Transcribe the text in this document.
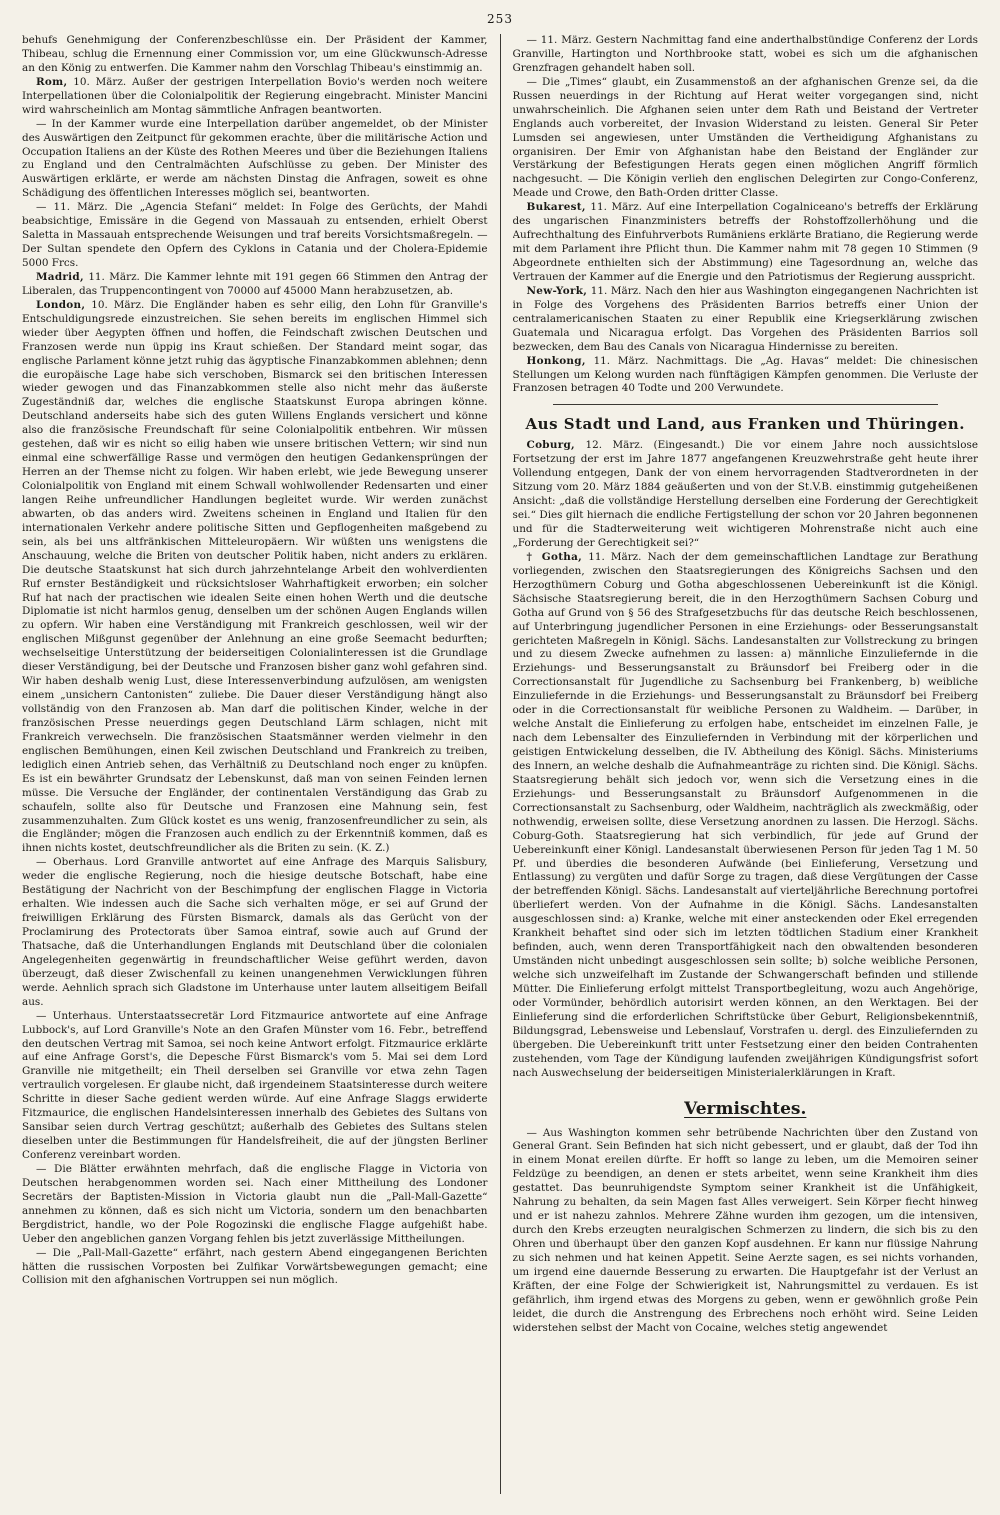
253

behufs Genehmigung der Conferenzbeschlüsse ein. Der Präsident der Kammer, Thibeau, schlug die Ernennung einer Commission vor, um eine Glückwunsch-Adresse an den König zu entwerfen. Die Kammer nahm den Vorschlag Thibeau's einstimmig an.

Rom, 10. März. Außer der gestrigen Interpellation Bovio's werden noch weitere Interpellationen über die Colonialpolitik der Regierung eingebracht. Minister Mancini wird wahrscheinlich am Montag sämmtliche Anfragen beantworten.

— In der Kammer wurde eine Interpellation darüber angemeldet, ob der Minister des Auswärtigen den Zeitpunct für gekommen erachte, über die militärische Action und Occupation Italiens an der Küste des Rothen Meeres und über die Beziehungen Italiens zu England und den Centralmächten Aufschlüsse zu geben. Der Minister des Auswärtigen erklärte, er werde am nächsten Dinstag die Anfragen, soweit es ohne Schädigung des öffentlichen Interesses möglich sei, beantworten.

— 11. März. Die „Agencia Stefani“ meldet: In Folge des Gerüchts, der Mahdi beabsichtige, Emissäre in die Gegend von Massauah zu entsenden, erhielt Oberst Saletta in Massauah entsprechende Weisungen und traf bereits Vorsichtsmaßregeln. — Der Sultan spendete den Opfern des Cyklons in Catania und der Cholera-Epidemie 5000 Frcs.

Madrid, 11. März. Die Kammer lehnte mit 191 gegen 66 Stimmen den Antrag der Liberalen, das Truppencontingent von 70000 auf 45000 Mann herabzusetzen, ab.

London, 10. März. Die Engländer haben es sehr eilig, den Lohn für Granville's Entschuldigungsrede einzustreichen. Sie sehen bereits im englischen Himmel sich wieder über Aegypten öffnen und hoffen, die Feindschaft zwischen Deutschen und Franzosen werde nun üppig ins Kraut schießen. Der Standard meint sogar, das englische Parlament könne jetzt ruhig das ägyptische Finanzabkommen ablehnen; denn die europäische Lage habe sich verschoben, Bismarck sei den britischen Interessen wieder gewogen und das Finanzabkommen stelle also nicht mehr das äußerste Zugeständniß dar, welches die englische Staatskunst Europa abringen könne. Deutschland anderseits habe sich des guten Willens Englands versichert und könne also die französische Freundschaft für seine Colonialpolitik entbehren. Wir müssen gestehen, daß wir es nicht so eilig haben wie unsere britischen Vettern; wir sind nun einmal eine schwerfällige Rasse und vermögen den heutigen Gedankensprüngen der Herren an der Themse nicht zu folgen. Wir haben erlebt, wie jede Bewegung unserer Colonialpolitik von England mit einem Schwall wohlwollender Redensarten und einer langen Reihe unfreundlicher Handlungen begleitet wurde. Wir werden zunächst abwarten, ob das anders wird. Zweitens scheinen in England und Italien für den internationalen Verkehr andere politische Sitten und Gepflogenheiten maßgebend zu sein, als bei uns altfränkischen Mitteleuropäern. Wir wüßten uns wenigstens die Anschauung, welche die Briten von deutscher Politik haben, nicht anders zu erklären. Die deutsche Staatskunst hat sich durch jahrzehntelange Arbeit den wohlverdienten Ruf ernster Beständigkeit und rücksichtsloser Wahrhaftigkeit erworben; ein solcher Ruf hat nach der practischen wie idealen Seite einen hohen Werth und die deutsche Diplomatie ist nicht harmlos genug, denselben um der schönen Augen Englands willen zu opfern. Wir haben eine Verständigung mit Frankreich geschlossen, weil wir der englischen Mißgunst gegenüber der Anlehnung an eine große Seemacht bedurften; wechselseitige Unterstützung der beiderseitigen Colonialinteressen ist die Grundlage dieser Verständigung, bei der Deutsche und Franzosen bisher ganz wohl gefahren sind. Wir haben deshalb wenig Lust, diese Interessenverbindung aufzulösen, am wenigsten einem „unsichern Cantonisten“ zuliebe. Die Dauer dieser Verständigung hängt also vollständig von den Franzosen ab. Man darf die politischen Kinder, welche in der französischen Presse neuerdings gegen Deutschland Lärm schlagen, nicht mit Frankreich verwechseln. Die französischen Staatsmänner werden vielmehr in den englischen Bemühungen, einen Keil zwischen Deutschland und Frankreich zu treiben, lediglich einen Antrieb sehen, das Verhältniß zu Deutschland noch enger zu knüpfen. Es ist ein bewährter Grundsatz der Lebenskunst, daß man von seinen Feinden lernen müsse. Die Versuche der Engländer, der continentalen Verständigung das Grab zu schaufeln, sollte also für Deutsche und Franzosen eine Mahnung sein, fest zusammenzuhalten. Zum Glück kostet es uns wenig, franzosenfreundlicher zu sein, als die Engländer; mögen die Franzosen auch endlich zu der Erkenntniß kommen, daß es ihnen nichts kostet, deutschfreundlicher als die Briten zu sein. (K. Z.)

— Oberhaus. Lord Granville antwortet auf eine Anfrage des Marquis Salisbury, weder die englische Regierung, noch die hiesige deutsche Botschaft, habe eine Bestätigung der Nachricht von der Beschimpfung der englischen Flagge in Victoria erhalten. Wie indessen auch die Sache sich verhalten möge, er sei auf Grund der freiwilligen Erklärung des Fürsten Bismarck, damals als das Gerücht von der Proclamirung des Protectorats über Samoa eintraf, sowie auch auf Grund der Thatsache, daß die Unterhandlungen Englands mit Deutschland über die colonialen Angelegenheiten gegenwärtig in freundschaftlicher Weise geführt werden, davon überzeugt, daß dieser Zwischenfall zu keinen unangenehmen Verwicklungen führen werde. Aehnlich sprach sich Gladstone im Unterhause unter lautem allseitigem Beifall aus.

— Unterhaus. Unterstaatssecretär Lord Fitzmaurice antwortete auf eine Anfrage Lubbock's, auf Lord Granville's Note an den Grafen Münster vom 16. Febr., betreffend den deutschen Vertrag mit Samoa, sei noch keine Antwort erfolgt. Fitzmaurice erklärte auf eine Anfrage Gorst's, die Depesche Fürst Bismarck's vom 5. Mai sei dem Lord Granville nie mitgetheilt; ein Theil derselben sei Granville vor etwa zehn Tagen vertraulich vorgelesen. Er glaube nicht, daß irgendeinem Staatsinteresse durch weitere Schritte in dieser Sache gedient werden würde. Auf eine Anfrage Slaggs erwiderte Fitzmaurice, die englischen Handelsinteressen innerhalb des Gebietes des Sultans von Sansibar seien durch Vertrag geschützt; außerhalb des Gebietes des Sultans stelen dieselben unter die Bestimmungen für Handelsfreiheit, die auf der jüngsten Berliner Conferenz vereinbart worden.

— Die Blätter erwähnten mehrfach, daß die englische Flagge in Victoria von Deutschen herabgenommen worden sei. Nach einer Mittheilung des Londoner Secretärs der Baptisten-Mission in Victoria glaubt nun die „Pall-Mall-Gazette“ annehmen zu können, daß es sich nicht um Victoria, sondern um den benachbarten Bergdistrict, handle, wo der Pole Rogozinski die englische Flagge aufgehißt habe. Ueber den angeblichen ganzen Vorgang fehlen bis jetzt zuverlässige Mittheilungen.

— Die „Pall-Mall-Gazette“ erfährt, nach gestern Abend eingegangenen Berichten hätten die russischen Vorposten bei Zulfikar Vorwärtsbewegungen gemacht; eine Collision mit den afghanischen Vortruppen sei nun möglich.

— 11. März. Gestern Nachmittag fand eine anderthalbstündige Conferenz der Lords Granville, Hartington und Northbrooke statt, wobei es sich um die afghanischen Grenzfragen gehandelt haben soll.

— Die „Times“ glaubt, ein Zusammenstoß an der afghanischen Grenze sei, da die Russen neuerdings in der Richtung auf Herat weiter vorgegangen sind, nicht unwahrscheinlich. Die Afghanen seien unter dem Rath und Beistand der Vertreter Englands auch vorbereitet, der Invasion Widerstand zu leisten. General Sir Peter Lumsden sei angewiesen, unter Umständen die Vertheidigung Afghanistans zu organisiren. Der Emir von Afghanistan habe den Beistand der Engländer zur Verstärkung der Befestigungen Herats gegen einen möglichen Angriff förmlich nachgesucht. — Die Königin verlieh den englischen Delegirten zur Congo-Conferenz, Meade und Crowe, den Bath-Orden dritter Classe.

Bukarest, 11. März. Auf eine Interpellation Cogalniceano's betreffs der Erklärung des ungarischen Finanzministers betreffs der Rohstoffzollerhöhung und die Aufrechthaltung des Einfuhrverbots Rumäniens erklärte Bratiano, die Regierung werde mit dem Parlament ihre Pflicht thun. Die Kammer nahm mit 78 gegen 10 Stimmen (9 Abgeordnete enthielten sich der Abstimmung) eine Tagesordnung an, welche das Vertrauen der Kammer auf die Energie und den Patriotismus der Regierung ausspricht.

New-York, 11. März. Nach den hier aus Washington eingegangenen Nachrichten ist in Folge des Vorgehens des Präsidenten Barrios betreffs einer Union der centralamericanischen Staaten zu einer Republik eine Kriegserklärung zwischen Guatemala und Nicaragua erfolgt. Das Vorgehen des Präsidenten Barrios soll bezwecken, dem Bau des Canals von Nicaragua Hindernisse zu bereiten.

Honkong, 11. März. Nachmittags. Die „Ag. Havas“ meldet: Die chinesischen Stellungen um Kelong wurden nach fünftägigen Kämpfen genommen. Die Verluste der Franzosen betragen 40 Todte und 200 Verwundete.

Aus Stadt und Land, aus Franken und Thüringen.

Coburg, 12. März. (Eingesandt.) Die vor einem Jahre noch aussichtslose Fortsetzung der erst im Jahre 1877 angefangenen Kreuzwehrstraße geht heute ihrer Vollendung entgegen, Dank der von einem hervorragenden Stadtverordneten in der Sitzung vom 20. März 1884 geäußerten und von der St.V.B. einstimmig gutgeheißenen Ansicht: „daß die vollständige Herstellung derselben eine Forderung der Gerechtigkeit sei.“ Dies gilt hiernach die endliche Fertigstellung der schon vor 20 Jahren begonnenen und für die Stadterweiterung weit wichtigeren Mohrenstraße nicht auch eine „Forderung der Gerechtigkeit sei?“

† Gotha, 11. März. Nach der dem gemeinschaftlichen Landtage zur Berathung vorliegenden, zwischen den Staatsregierungen des Königreichs Sachsen und den Herzogthümern Coburg und Gotha abgeschlossenen Uebereinkunft ist die Königl. Sächsische Staatsregierung bereit, die in den Herzogthümern Sachsen Coburg und Gotha auf Grund von § 56 des Strafgesetzbuchs für das deutsche Reich beschlossenen, auf Unterbringung jugendlicher Personen in eine Erziehungs- oder Besserungsanstalt gerichteten Maßregeln in Königl. Sächs. Landesanstalten zur Vollstreckung zu bringen und zu diesem Zwecke aufnehmen zu lassen: a) männliche Einzuliefernde in die Erziehungs- und Besserungsanstalt zu Bräunsdorf bei Freiberg oder in die Correctionsanstalt für Jugendliche zu Sachsenburg bei Frankenberg, b) weibliche Einzuliefernde in die Erziehungs- und Besserungsanstalt zu Bräunsdorf bei Freiberg oder in die Correctionsanstalt für weibliche Personen zu Waldheim. — Darüber, in welche Anstalt die Einlieferung zu erfolgen habe, entscheidet im einzelnen Falle, je nach dem Lebensalter des Einzuliefernden in Verbindung mit der körperlichen und geistigen Entwickelung desselben, die IV. Abtheilung des Königl. Sächs. Ministeriums des Innern, an welche deshalb die Aufnahmeanträge zu richten sind. Die Königl. Sächs. Staatsregierung behält sich jedoch vor, wenn sich die Versetzung eines in die Erziehungs- und Besserungsanstalt zu Bräunsdorf Aufgenommenen in die Correctionsanstalt zu Sachsenburg, oder Waldheim, nachträglich als zweckmäßig, oder nothwendig, erweisen sollte, diese Versetzung anordnen zu lassen. Die Herzogl. Sächs. Coburg-Goth. Staatsregierung hat sich verbindlich, für jede auf Grund der Uebereinkunft einer Königl. Landesanstalt überwiesenen Person für jeden Tag 1 M. 50 Pf. und überdies die besonderen Aufwände (bei Einlieferung, Versetzung und Entlassung) zu vergüten und dafür Sorge zu tragen, daß diese Vergütungen der Casse der betreffenden Königl. Sächs. Landesanstalt auf vierteljährliche Berechnung portofrei überliefert werden. Von der Aufnahme in die Königl. Sächs. Landesanstalten ausgeschlossen sind: a) Kranke, welche mit einer ansteckenden oder Ekel erregenden Krankheit behaftet sind oder sich im letzten tödtlichen Stadium einer Krankheit befinden, auch, wenn deren Transportfähigkeit nach den obwaltenden besonderen Umständen nicht unbedingt ausgeschlossen sein sollte; b) solche weibliche Personen, welche sich unzweifelhaft im Zustande der Schwangerschaft befinden und stillende Mütter. Die Einlieferung erfolgt mittelst Transportbegleitung, wozu auch Angehörige, oder Vormünder, behördlich autorisirt werden können, an den Werktagen. Bei der Einlieferung sind die erforderlichen Schriftstücke über Geburt, Religionsbekenntniß, Bildungsgrad, Lebensweise und Lebenslauf, Vorstrafen u. dergl. des Einzuliefernden zu übergeben. Die Uebereinkunft tritt unter Festsetzung einer den beiden Contrahenten zustehenden, vom Tage der Kündigung laufenden zweijährigen Kündigungsfrist sofort nach Auswechselung der beiderseitigen Ministerialerklärungen in Kraft.

Vermischtes.

— Aus Washington kommen sehr betrübende Nachrichten über den Zustand von General Grant. Sein Befinden hat sich nicht gebessert, und er glaubt, daß der Tod ihn in einem Monat ereilen dürfte. Er hofft so lange zu leben, um die Memoiren seiner Feldzüge zu beendigen, an denen er stets arbeitet, wenn seine Krankheit ihm dies gestattet. Das beunruhigendste Symptom seiner Krankheit ist die Unfähigkeit, Nahrung zu behalten, da sein Magen fast Alles verweigert. Sein Körper fiecht hinweg und er ist nahezu zahnlos. Mehrere Zähne wurden ihm gezogen, um die intensiven, durch den Krebs erzeugten neuralgischen Schmerzen zu lindern, die sich bis zu den Ohren und überhaupt über den ganzen Kopf ausdehnen. Er kann nur flüssige Nahrung zu sich nehmen und hat keinen Appetit. Seine Aerzte sagen, es sei nichts vorhanden, um irgend eine dauernde Besserung zu erwarten. Die Hauptgefahr ist der Verlust an Kräften, der eine Folge der Schwierigkeit ist, Nahrungsmittel zu verdauen. Es ist gefährlich, ihm irgend etwas des Morgens zu geben, wenn er gewöhnlich große Pein leidet, die durch die Anstrengung des Erbrechens noch erhöht wird. Seine Leiden widerstehen selbst der Macht von Cocaine, welches stetig angewendet
